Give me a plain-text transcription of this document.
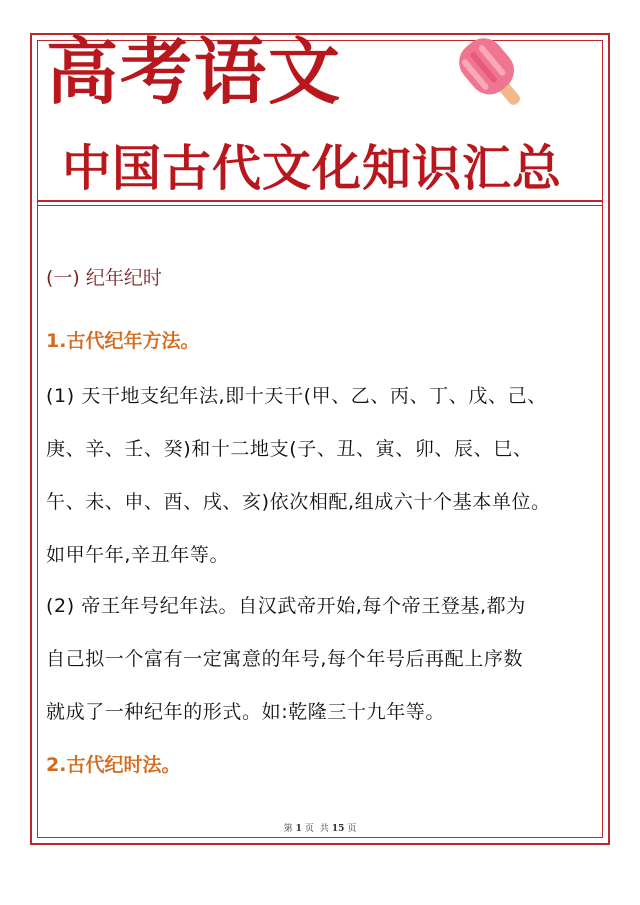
高考语文
中国古代文化知识汇总
(一) 纪年纪时
1.古代纪年方法。
(1) 天干地支纪年法,即十天干(甲、乙、丙、丁、戊、己、
庚、辛、壬、癸)和十二地支(子、丑、寅、卯、辰、巳、
午、未、申、酉、戌、亥)依次相配,组成六十个基本单位。
如甲午年,辛丑年等。
(2) 帝王年号纪年法。自汉武帝开始,每个帝王登基,都为
自己拟一个富有一定寓意的年号,每个年号后再配上序数
就成了一种纪年的形式。如:乾隆三十九年等。
2.古代纪时法。
第 1 页 共 15 页
